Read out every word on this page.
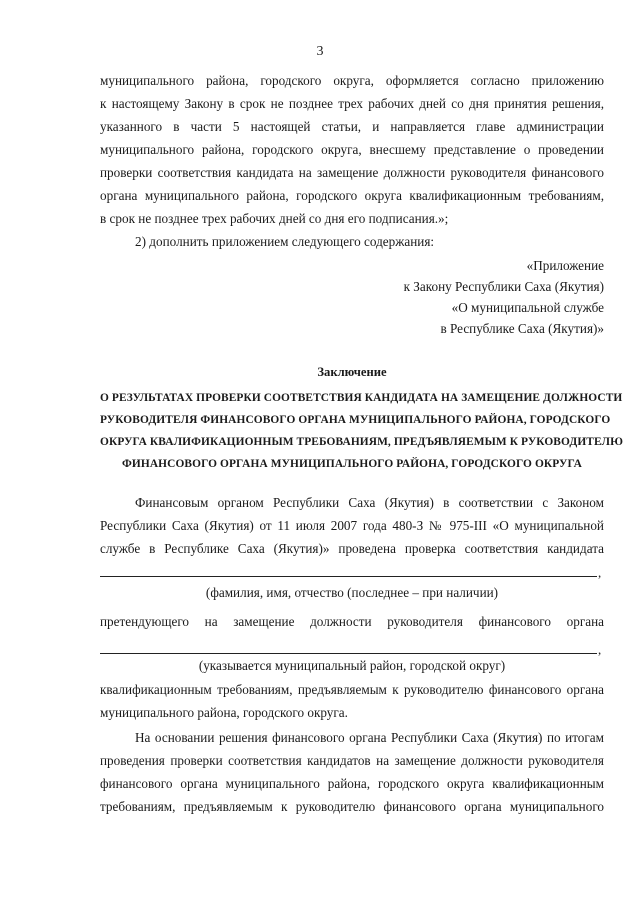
3
муниципального района, городского округа, оформляется согласно приложению
к настоящему Закону в срок не позднее трех рабочих дней со дня принятия решения,
указанного в части 5 настоящей статьи, и направляется главе администрации
муниципального района, городского округа, внесшему представление о проведении
проверки соответствия кандидата на замещение должности руководителя финансового
органа муниципального района, городского округа квалификационным требованиям,
в срок не позднее трех рабочих дней со дня его подписания.»;
2) дополнить приложением следующего содержания:
«Приложение
к Закону Республики Саха (Якутия)
«О муниципальной службе
в Республике Саха (Якутия)»
Заключение
О РЕЗУЛЬТАТАХ ПРОВЕРКИ СООТВЕТСТВИЯ КАНДИДАТА НА ЗАМЕЩЕНИЕ ДОЛЖНОСТИ
РУКОВОДИТЕЛЯ ФИНАНСОВОГО ОРГАНА МУНИЦИПАЛЬНОГО РАЙОНА, ГОРОДСКОГО
ОКРУГА КВАЛИФИКАЦИОННЫМ ТРЕБОВАНИЯМ, ПРЕДЪЯВЛЯЕМЫМ К РУКОВОДИТЕЛЮ
ФИНАНСОВОГО ОРГАНА МУНИЦИПАЛЬНОГО РАЙОНА, ГОРОДСКОГО ОКРУГА
Финансовым органом Республики Саха (Якутия) в соответствии с Законом
Республики Саха (Якутия) от 11 июля 2007 года 480-З № 975-III «О муниципальной
службе в Республике Саха (Якутия)» проведена проверка соответствия кандидата
,
(фамилия, имя, отчество (последнее – при наличии)
претендующего на замещение должности руководителя финансового органа
,
(указывается муниципальный район, городской округ)
квалификационным требованиям, предъявляемым к руководителю финансового органа
муниципального района, городского округа.
На основании решения финансового органа Республики Саха (Якутия) по итогам
проведения проверки соответствия кандидатов на замещение должности руководителя
финансового органа муниципального района, городского округа квалификационным
требованиям, предъявляемым к руководителю финансового органа муниципального
